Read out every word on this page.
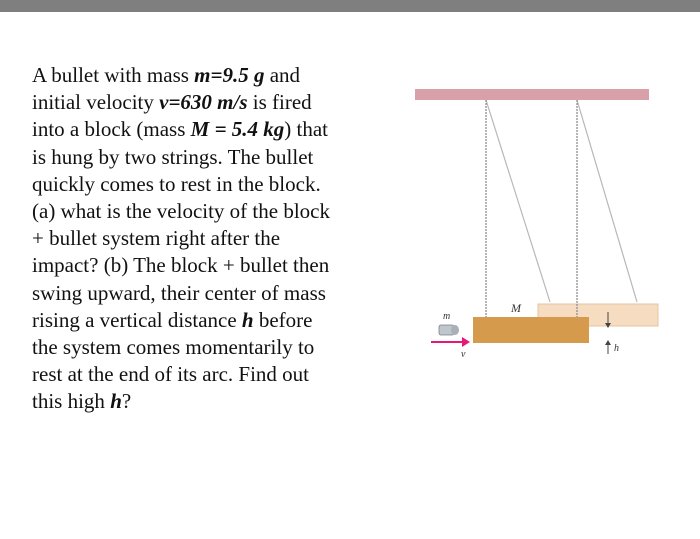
A bullet with mass m=9.5 g and

initial velocity v=630 m/s is fired

into a block (mass M = 5.4 kg) that

is hung by two strings. The bullet

quickly comes to rest in the block.

(a) what is the velocity of the block

+ bullet system right after the

impact? (b) The block + bullet then

swing upward, their center of mass

rising a vertical distance h before

the system comes momentarily to

rest at the end of its arc. Find out

this high h?

M
m
v
h
